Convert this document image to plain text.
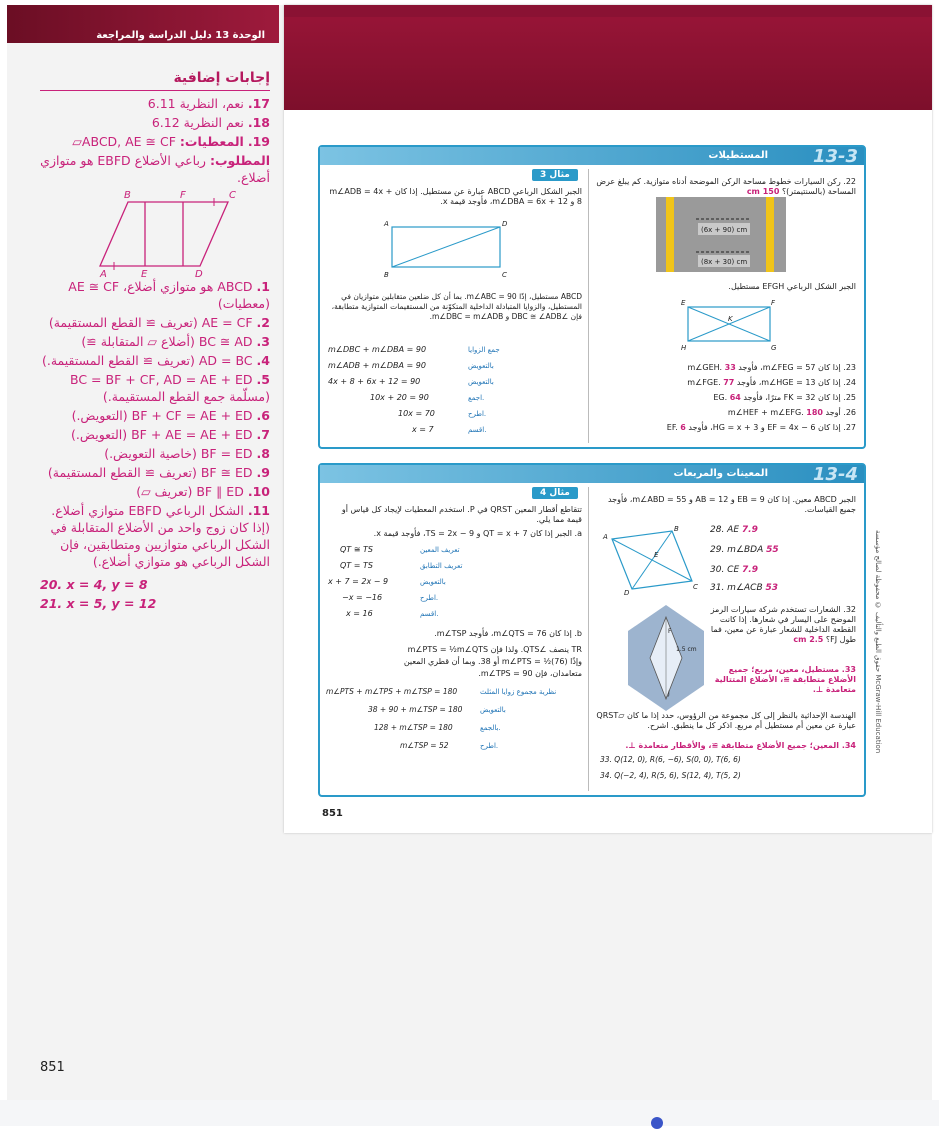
الوحدة 13 دليل الدراسة والمراجعة
إجابات إضافية
17.نعم، النظرية 6.11
18.نعم النظرية 6.12
19.المعطيات: ▱ABCD, AE ≅ CF
المطلوب: رباعي الأضلاع EBFD هو متوازي أضلاع.
A
B	F	C
E	D
1.ABCD هو متوازي أضلاع، AE ≅ CF (معطيات)
2.AE = CF (تعريف ≅ القطع المستقيمة)
3.BC ≅ AD (أضلاع ▱ المتقابلة ≅)
4.AD = BC (تعريف ≅ القطع المستقيمة.)
5.BC = BF + CF, AD = AE + ED (مسلّمة جمع القطع المستقيمة.)
6.BF + CF = AE + ED (التعويض.)
7.BF + AE = AE + ED (التعويض.)
8.BF = ED (خاصية التعويض.)
9.BF ≅ ED (تعريف ≅ القطع المستقيمة)
10.BF ∥ ED (تعريف ▱)
11.الشكل الرباعي EBFD متوازي أضلاع. (إذا كان زوج واحد من الأضلاع المتقابلة في الشكل الرباعي متوازيين ومتطابقين، فإن الشكل الرباعي هو متوازي أضلاع.)
20. x = 4, y = 8
21. x = 5, y = 12
851
851
حقوق الطبع والتأليف © محفوظة لصالح مؤسسة McGraw-Hill Education
المستطيلات 13-3
22. ركن السيارات خطوط مساحة الركن الموضحة أدناه متوازية. كم يبلغ عرض المساحة (بالسنتيمتر)؟ 150 cm
(6x + 90) cm
(8x + 30) cm
الجبر الشكل الرباعي EFGH مستطيل.
E	F
K
H	G
23. إذا كان m∠FEG = 57، فأوجد m∠GEH. 33
24. إذا كان m∠HGE = 13، فأوجد m∠FGE. 77
25. إذا كان FK = 32 مترًا، فأوجد EG. 64
26. أوجد m∠HEF + m∠EFG. 180
27. إذا كان EF = 4x − 6 و HG = x + 3، فأوجد EF. 6
مثال 3
الجبر الشكل الرباعي ABCD عبارة عن مستطيل. إذا كان m∠ADB = 4x + 8 و m∠DBA = 6x + 12، فأوجد قيمة x.
A	D
B	C
ABCD مستطيل، إذًا m∠ABC = 90. بما أن كل ضلعين متقابلين متوازيان في المستطيل، والزوايا المتبادلة الداخلية المتكوّنة من المستقيمات المتوازية متطابقة، فإن ∠DBC ≅ ∠ADB و m∠DBC = m∠ADB.
m∠DBC + m∠DBA = 90	جمع الزوايا
m∠ADB + m∠DBA = 90	بالتعويض
4x + 8 + 6x + 12 = 90	بالتعويض
10x + 20 = 90	اجمع.
10x = 70	اطرح.
x = 7	اقسم.
المعينات والمربعات 13-4
الجبر ABCD معين. إذا كان EB = 9 و AB = 12 و m∠ABD = 55، فأوجد جميع القياسات.
A
B
E
D
C
28. AE 7.9
29. m∠BDA 55
30. CE 7.9
31. m∠ACB 53
F
J
1.5 cm
32. الشعارات تستخدم شركة سيارات الرمز الموضح على اليسار في شعارها. إذا كانت القطعة الداخلية للشعار عبارة عن معين، فما طول FJ؟ 2.5 cm
33. مستطيل، معين، مربع؛ جميع الأضلاع متطابقة ≅، الأضلاع المتتالية متعامدة ⊥.
الهندسة الإحداثية بالنظر إلى كل مجموعة من الرؤوس، حدد إذا ما كان ▱QRST عبارة عن معين أم مستطيل أم مربع. اذكر كل ما ينطبق. اشرح.
34. المعين؛ جميع الأضلاع متطابقة ≅، والأقطار متعامدة ⊥.
33. Q(12, 0), R(6, −6), S(0, 0), T(6, 6)
34. Q(−2, 4), R(5, 6), S(12, 4), T(5, 2)
مثال 4
تتقاطع أقطار المعين QRST في P. استخدم المعطيات لإيجاد كل قياس أو قيمة مما يلي.
a. الجبر إذا كان QT = x + 7 و TS = 2x − 9، فأوجد قيمة x.
QT ≅ TS	تعريف المعين
QT = TS	تعريف التطابق
x + 7 = 2x − 9	بالتعويض
−x = −16	اطرح.
x = 16	اقسم.
b. إذا كان m∠QTS = 76، فأوجد m∠TSP.
TR ينصف ∠QTS. ولذا فإن m∠PTS = ½m∠QTS
وإذًا m∠PTS = ½(76) أو 38. وبما أن قطري المعين
متعامدان، فإن m∠TPS = 90.
m∠PTS + m∠TPS + m∠TSP = 180	نظرية مجموع زوايا المثلث
38 + 90 + m∠TSP = 180	بالتعويض
128 + m∠TSP = 180	بالجمع.
m∠TSP = 52	اطرح.
